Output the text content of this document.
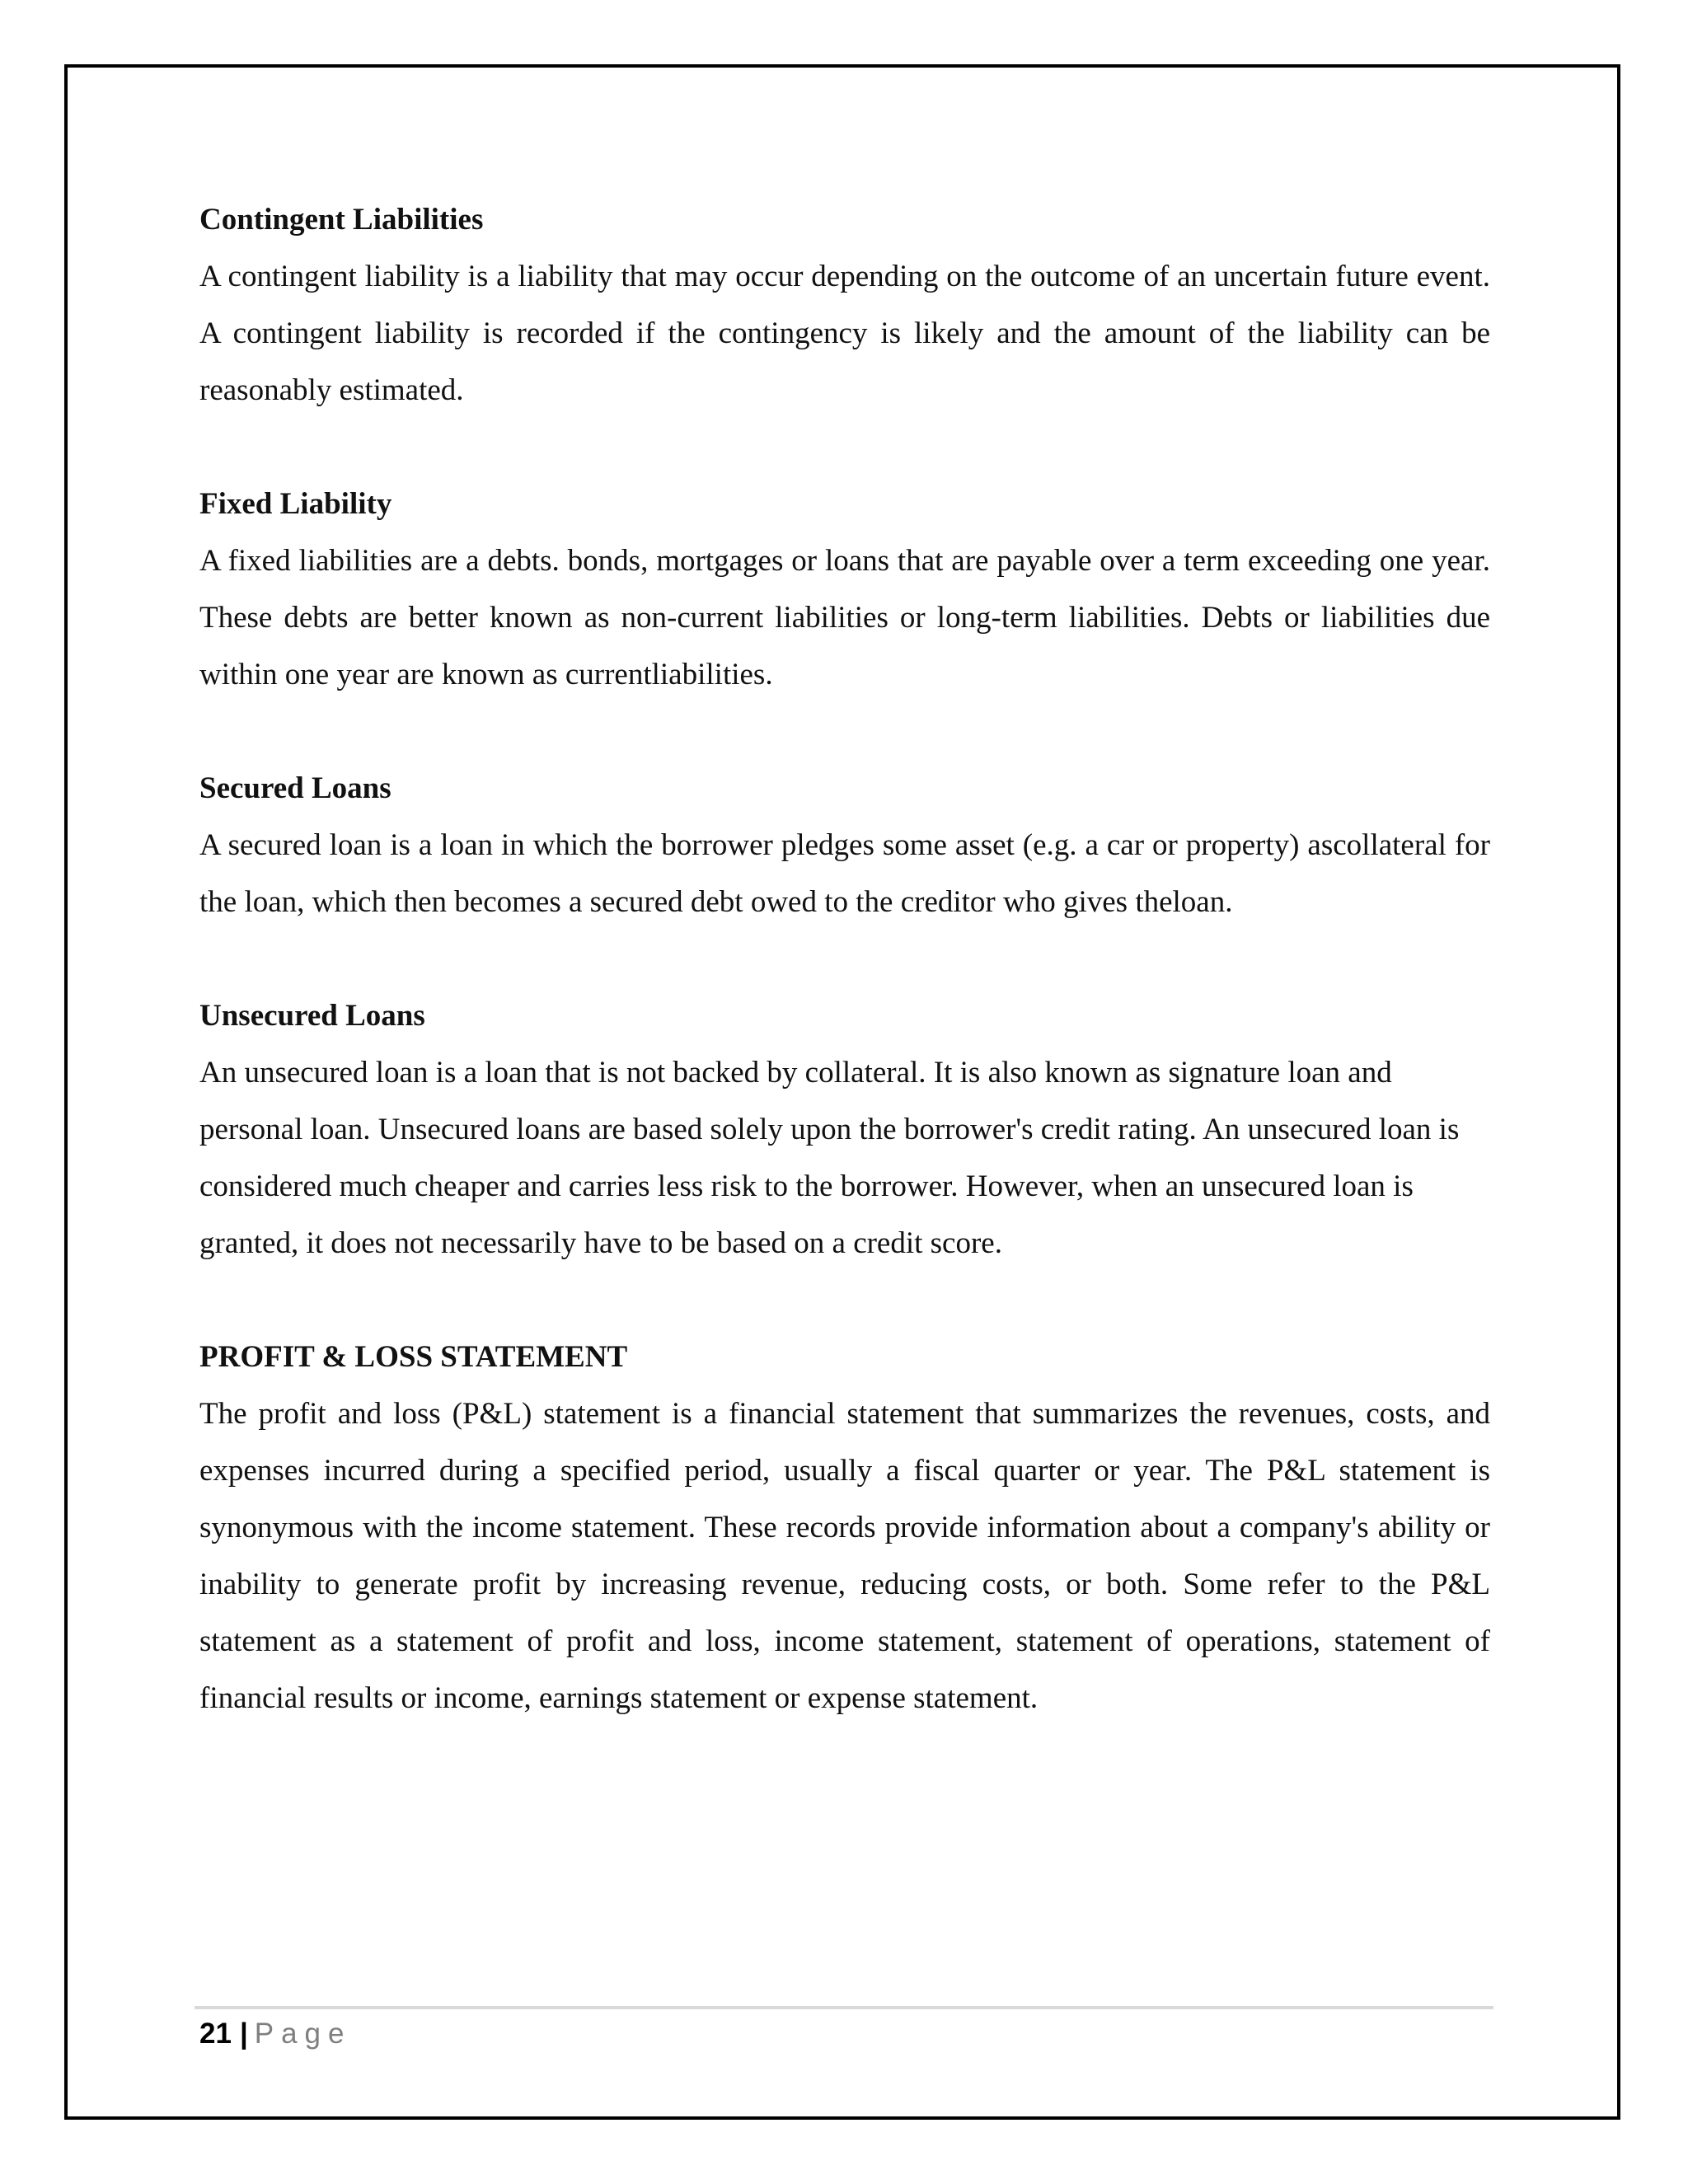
Contingent Liabilities

A contingent liability is a liability that may occur depending on the outcome of an uncertain future event. A contingent liability is recorded if the contingency is likely and the amount of the liability can be reasonably estimated.

Fixed Liability

A fixed liabilities are a debts. bonds, mortgages or loans that are payable over a term exceeding one year. These debts are better known as non-current liabilities or long-term liabilities. Debts or liabilities due within one year are known as currentliabilities.

Secured Loans

A secured loan is a loan in which the borrower pledges some asset (e.g. a car or property) ascollateral for the loan, which then becomes a secured debt owed to the creditor who gives theloan.

Unsecured Loans

An unsecured loan is a loan that is not backed by collateral. It is also known as signature loan and personal loan. Unsecured loans are based solely upon the borrower's credit rating. An unsecured loan is considered much cheaper and carries less risk to the borrower. However, when an unsecured loan is granted, it does not necessarily have to be based on a credit score.

PROFIT & LOSS STATEMENT

The profit and loss (P&L) statement is a financial statement that summarizes the revenues, costs, and expenses incurred during a specified period, usually a fiscal quarter or year. The P&L statement is synonymous with the income statement. These records provide information about a company's ability or inability to generate profit by increasing revenue, reducing costs, or both. Some refer to the P&L statement as a statement of profit and loss, income statement, statement of operations, statement of financial results or income, earnings statement or expense statement.

21 | Page
